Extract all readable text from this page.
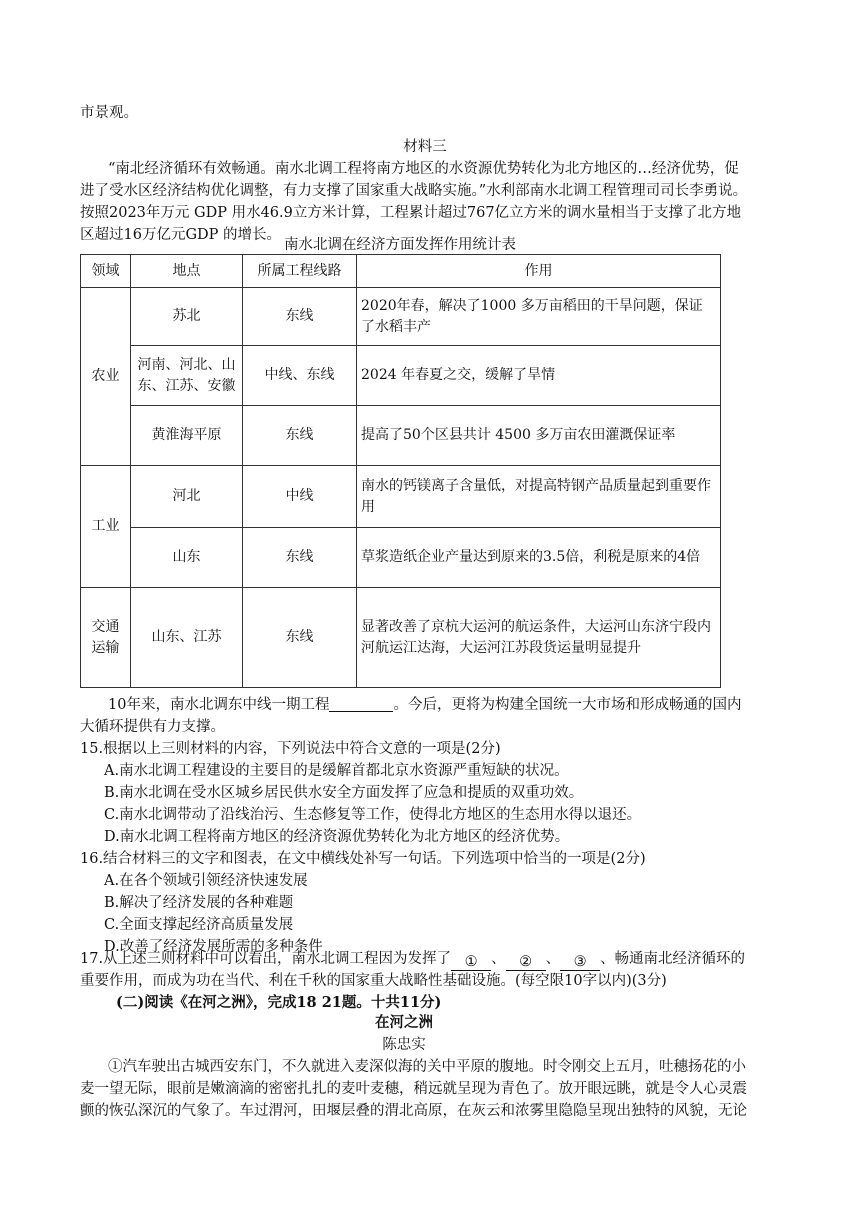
市景观。
材料三
“南北经济循环有效畅通。南水北调工程将南方地区的水资源优势转化为北方地区的…经济优势，促
进了受水区经济结构优化调整，有力支撑了国家重大战略实施。”水利部南水北调工程管理司司长李勇说。
按照2023年万元 GDP 用水46.9立方米计算，工程累计超过767亿立方米的调水量相当于支撑了北方地
区超过16万亿元GDP 的增长。
南水北调在经济方面发挥作用统计表
领域	地点	所属工程线路	作用
农业	苏北	东线	2020年春，解决了1000 多万亩稻田的干旱问题，保证了水稻丰产
	河南、河北、山东、江苏、安徽	中线、东线	2024 年春夏之交，缓解了旱情
	黄淮海平原	东线	提高了50个区县共计 4500 多万亩农田灌溉保证率
工业	河北	中线	南水的钙镁离子含量低，对提高特钢产品质量起到重要作用
	山东	东线	草浆造纸企业产量达到原来的3.5倍，利税是原来的4倍
交通运输	山东、江苏	东线	显著改善了京杭大运河的航运条件，大运河山东济宁段内河航运江达海，大运河江苏段货运量明显提升
10年来，南水北调东中线一期工程	。今后，更将为构建全国统一大市场和形成畅通的国内
大循环提供有力支撑。
15.根据以上三则材料的内容，下列说法中符合文意的一项是(2分)
A.南水北调工程建设的主要目的是缓解首都北京水资源严重短缺的状况。
B.南水北调在受水区城乡居民供水安全方面发挥了应急和提质的双重功效。
C.南水北调带动了沿线治污、生态修复等工作，使得北方地区的生态用水得以退还。
D.南水北调工程将南方地区的经济资源优势转化为北方地区的经济优势。
16.结合材料三的文字和图表，在文中横线处补写一句话。下列选项中恰当的一项是(2分)
A.在各个领域引领经济快速发展
B.解决了经济发展的各种难题
C.全面支撑起经济高质量发展
D.改善了经济发展所需的多种条件
17.从上述三则材料中可以看出，南水北调工程因为发挥了 ① 、 ② 、 ③ 、畅通南北经济循环的
重要作用，而成为功在当代、利在千秋的国家重大战略性基础设施。(每空限10字以内)(3分)
(二)阅读《在河之洲》，完成18 21题。十共11分)
在河之洲
陈忠实
①汽车驶出古城西安东门，不久就进入麦深似海的关中平原的腹地。时令刚交上五月，吐穗扬花的小
麦一望无际，眼前是嫩滴滴的密密扎扎的麦叶麦穗，稍远就呈现为青色了。放开眼远眺，就是令人心灵震
颤的恢弘深沉的气象了。车过渭河，田堰层叠的渭北高原，在灰云和浓雾里隐隐呈现出独特的风貌，无论
